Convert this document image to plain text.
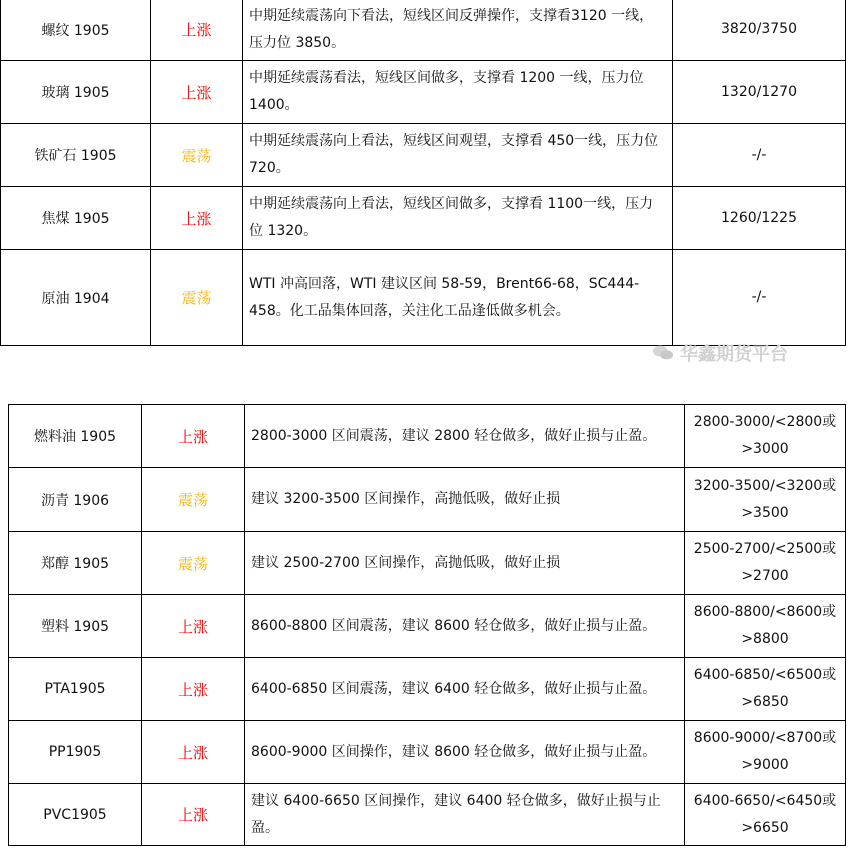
螺纹 1905	上涨	中期延续震荡向下看法，短线区间反弹操作，支撑看3120 一线，压力位 3850。	3820/3750
玻璃 1905	上涨	中期延续震荡看法，短线区间做多，支撑看 1200 一线，压力位 1400。	1320/1270
铁矿石 1905	震荡	中期延续震荡向上看法，短线区间观望，支撑看 450一线，压力位 720。	-/-
焦煤 1905	上涨	中期延续震荡向上看法，短线区间做多，支撑看 1100一线，压力位 1320。	1260/1225
原油 1904	震荡	WTI 冲高回落，WTI 建议区间 58-59，Brent66-68，SC444-458。化工品集体回落，关注化工品逢低做多机会。	-/-
华鑫期货平台
燃料油 1905	上涨	2800-3000 区间震荡，建议 2800 轻仓做多，做好止损与止盈。	2800-3000/<2800或>3000
沥青 1906	震荡	建议 3200-3500 区间操作，高抛低吸，做好止损	3200-3500/<3200或>3500
郑醇 1905	震荡	建议 2500-2700 区间操作，高抛低吸，做好止损	2500-2700/<2500或>2700
塑料 1905	上涨	8600-8800 区间震荡，建议 8600 轻仓做多，做好止损与止盈。	8600-8800/<8600或>8800
PTA1905	上涨	6400-6850 区间震荡，建议 6400 轻仓做多，做好止损与止盈。	6400-6850/<6500或>6850
PP1905	上涨	8600-9000 区间操作，建议 8600 轻仓做多，做好止损与止盈。	8600-9000/<8700或>9000
PVC1905	上涨	建议 6400-6650 区间操作，建议 6400 轻仓做多，做好止损与止盈。	6400-6650/<6450或>6650
